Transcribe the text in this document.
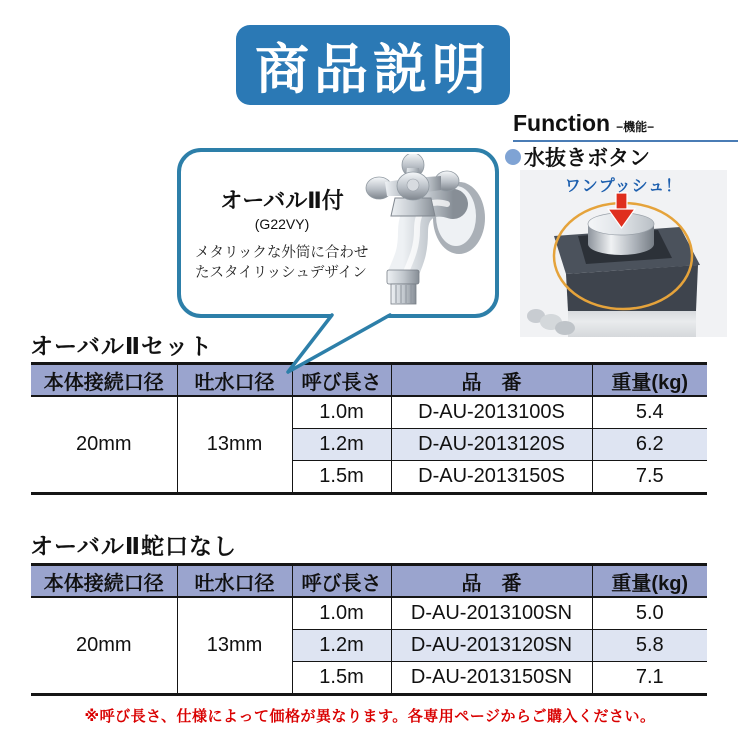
商品説明
Function −機能−
水抜きボタン
ワンプッシュ！
オーバルⅡ付
(G22VY)
メタリックな外筒に合わせ
たスタイリッシュデザイン
オーバルⅡセット
本体接続口径	吐水口径	呼び長さ	品　番	重量(kg)
20mm	13mm	1.0m	D-AU-2013100S	5.4
		1.2m	D-AU-2013120S	6.2
		1.5m	D-AU-2013150S	7.5
オーバルⅡ蛇口なし
本体接続口径	吐水口径	呼び長さ	品　番	重量(kg)
20mm	13mm	1.0m	D-AU-2013100SN	5.0
		1.2m	D-AU-2013120SN	5.8
		1.5m	D-AU-2013150SN	7.1
※呼び長さ、仕様によって価格が異なります。各専用ページからご購入ください。
